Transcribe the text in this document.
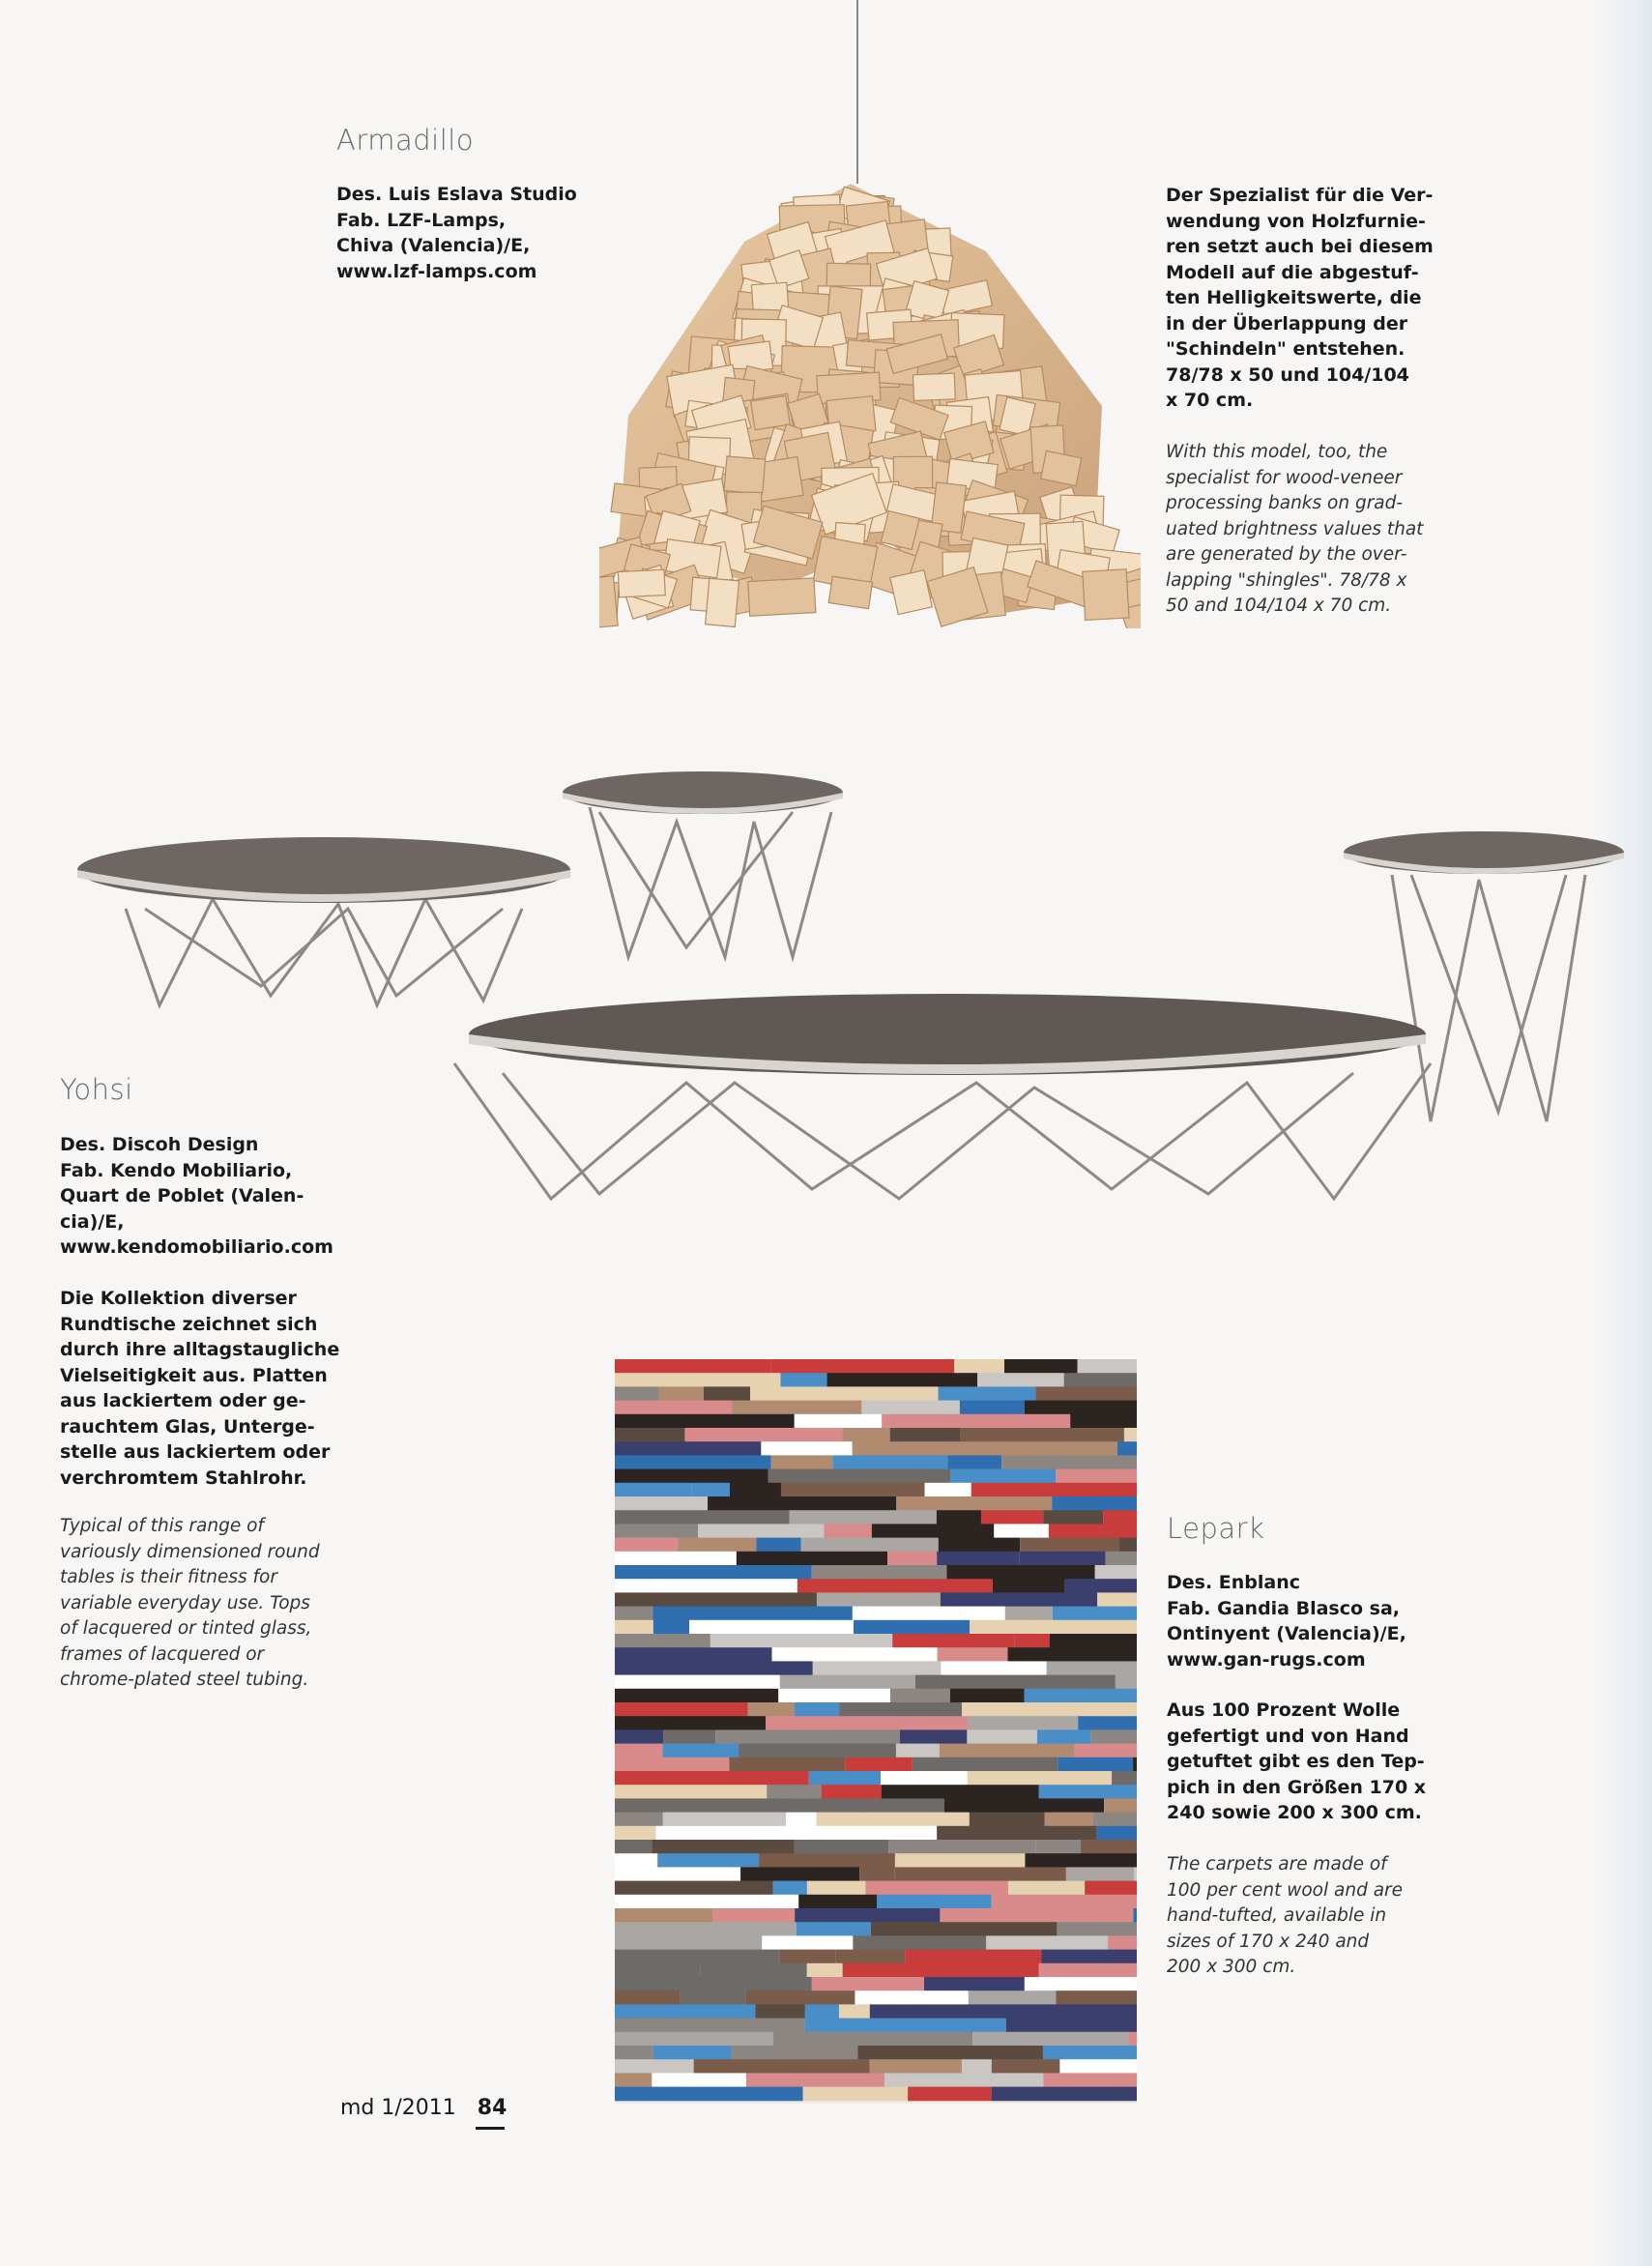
Armadillo
Des. Luis Eslava Studio
Fab. LZF-Lamps,
Chiva (Valencia)/E,
www.lzf-lamps.com
Der Spezialist für die Ver-
wendung von Holzfurnie-
ren setzt auch bei diesem
Modell auf die abgestuf-
ten Helligkeitswerte, die
in der Überlappung der
"Schindeln" entstehen.
78/78 x 50 und 104/104
x 70 cm.
With this model, too, the
specialist for wood-veneer
processing banks on grad-
uated brightness values that
are generated by the over-
lapping "shingles". 78/78 x
50 and 104/104 x 70 cm.
Yohsi
Des. Discoh Design
Fab. Kendo Mobiliario,
Quart de Poblet (Valen-
cia)/E,
www.kendomobiliario.com
Die Kollektion diverser
Rundtische zeichnet sich
durch ihre alltagstaugliche
Vielseitigkeit aus. Platten
aus lackiertem oder ge-
rauchtem Glas, Unterge-
stelle aus lackiertem oder
verchromtem Stahlrohr.
Typical of this range of
variously dimensioned round
tables is their fitness for
variable everyday use. Tops
of lacquered or tinted glass,
frames of lacquered or
chrome-plated steel tubing.
Lepark
Des. Enblanc
Fab. Gandia Blasco sa,
Ontinyent (Valencia)/E,
www.gan-rugs.com
Aus 100 Prozent Wolle
gefertigt und von Hand
getuftet gibt es den Tep-
pich in den Größen 170 x
240 sowie 200 x 300 cm.
The carpets are made of
100 per cent wool and are
hand-tufted, available in
sizes of 170 x 240 and
200 x 300 cm.
md 1/2011 84
